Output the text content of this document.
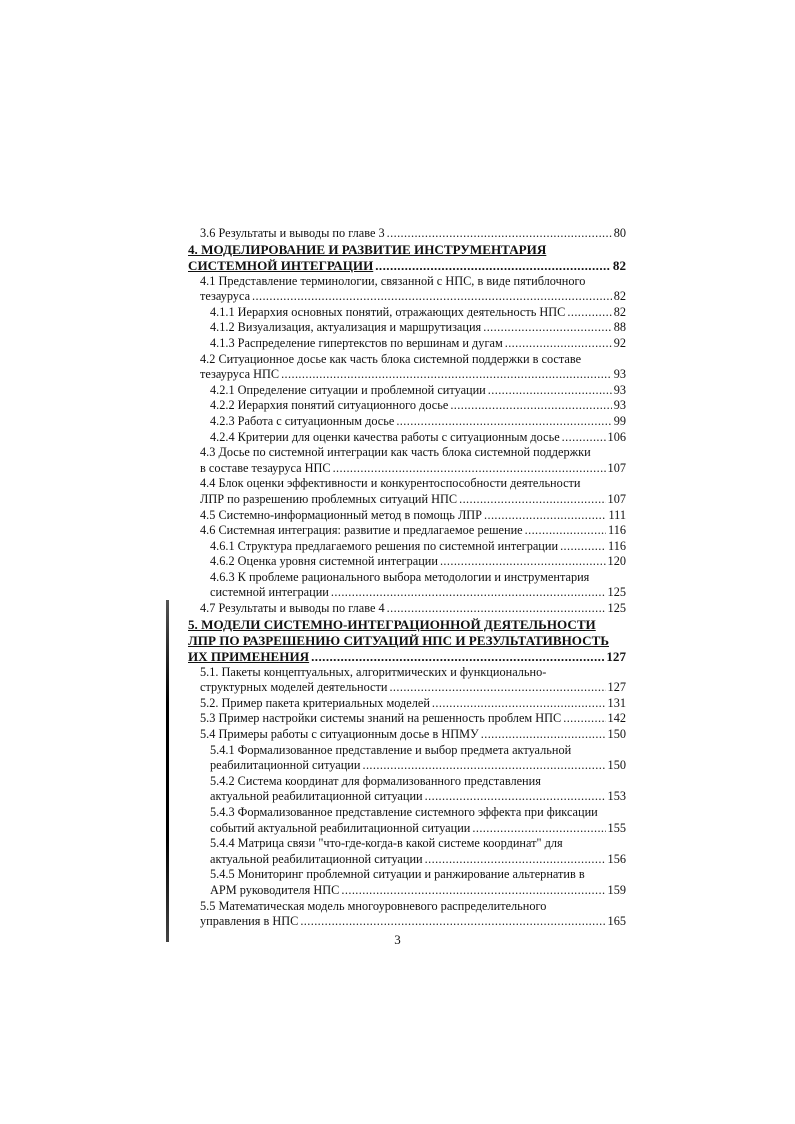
3.6 Результаты и выводы по главе 3 .....	80
4. МОДЕЛИРОВАНИЕ И РАЗВИТИЕ ИНСТРУМЕНТАРИЯ
СИСТЕМНОЙ ИНТЕГРАЦИИ .....	82
4.1 Представление терминологии, связанной с НПС, в виде пятиблочного
тезауруса .....	82
4.1.1 Иерархия основных понятий, отражающих деятельность НПС .....	82
4.1.2 Визуализация, актуализация и маршрутизация .....	88
4.1.3 Распределение гипертекстов по вершинам и дугам .....	92
4.2 Ситуационное досье как часть блока системной поддержки в составе
тезауруса НПС .....	93
4.2.1 Определение ситуации и проблемной ситуации .....	93
4.2.2 Иерархия понятий ситуационного досье .....	93
4.2.3 Работа с ситуационным досье .....	99
4.2.4 Критерии для оценки качества работы с ситуационным досье .....	106
4.3 Досье по системной интеграции как часть блока системной поддержки
в составе тезауруса НПС .....	107
4.4 Блок оценки эффективности и конкурентоспособности деятельности
ЛПР по разрешению проблемных ситуаций НПС .....	107
4.5 Системно-информационный метод в помощь ЛПР .....	111
4.6 Системная интеграция: развитие и предлагаемое решение .....	116
4.6.1 Структура предлагаемого решения по системной интеграции .....	116
4.6.2 Оценка уровня системной интеграции .....	120
4.6.3 К проблеме рационального выбора методологии и инструментария
системной интеграции .....	125
4.7 Результаты и выводы по главе 4 .....	125
5. МОДЕЛИ СИСТЕМНО-ИНТЕГРАЦИОННОЙ ДЕЯТЕЛЬНОСТИ
ЛПР ПО РАЗРЕШЕНИЮ СИТУАЦИЙ НПС И РЕЗУЛЬТАТИВНОСТЬ
ИХ ПРИМЕНЕНИЯ .....	127
5.1. Пакеты концептуальных, алгоритмических и функционально-
структурных моделей деятельности .....	127
5.2. Пример пакета критериальных моделей .....	131
5.3 Пример настройки системы знаний на решенность проблем НПС .....	142
5.4 Примеры работы с ситуационным досье в НПМУ .....	150
5.4.1 Формализованное представление и выбор предмета актуальной
реабилитационной ситуации .....	150
5.4.2 Система координат для формализованного представления
актуальной реабилитационной ситуации .....	153
5.4.3 Формализованное представление системного эффекта при фиксации
событий актуальной реабилитационной ситуации .....	155
5.4.4 Матрица связи "что-где-когда-в какой системе координат" для
актуальной реабилитационной ситуации .....	156
5.4.5 Мониторинг проблемной ситуации и ранжирование альтернатив в
АРМ руководителя НПС .....	159
5.5 Математическая модель многоуровневого распределительного
управления в НПС .....	165
3
